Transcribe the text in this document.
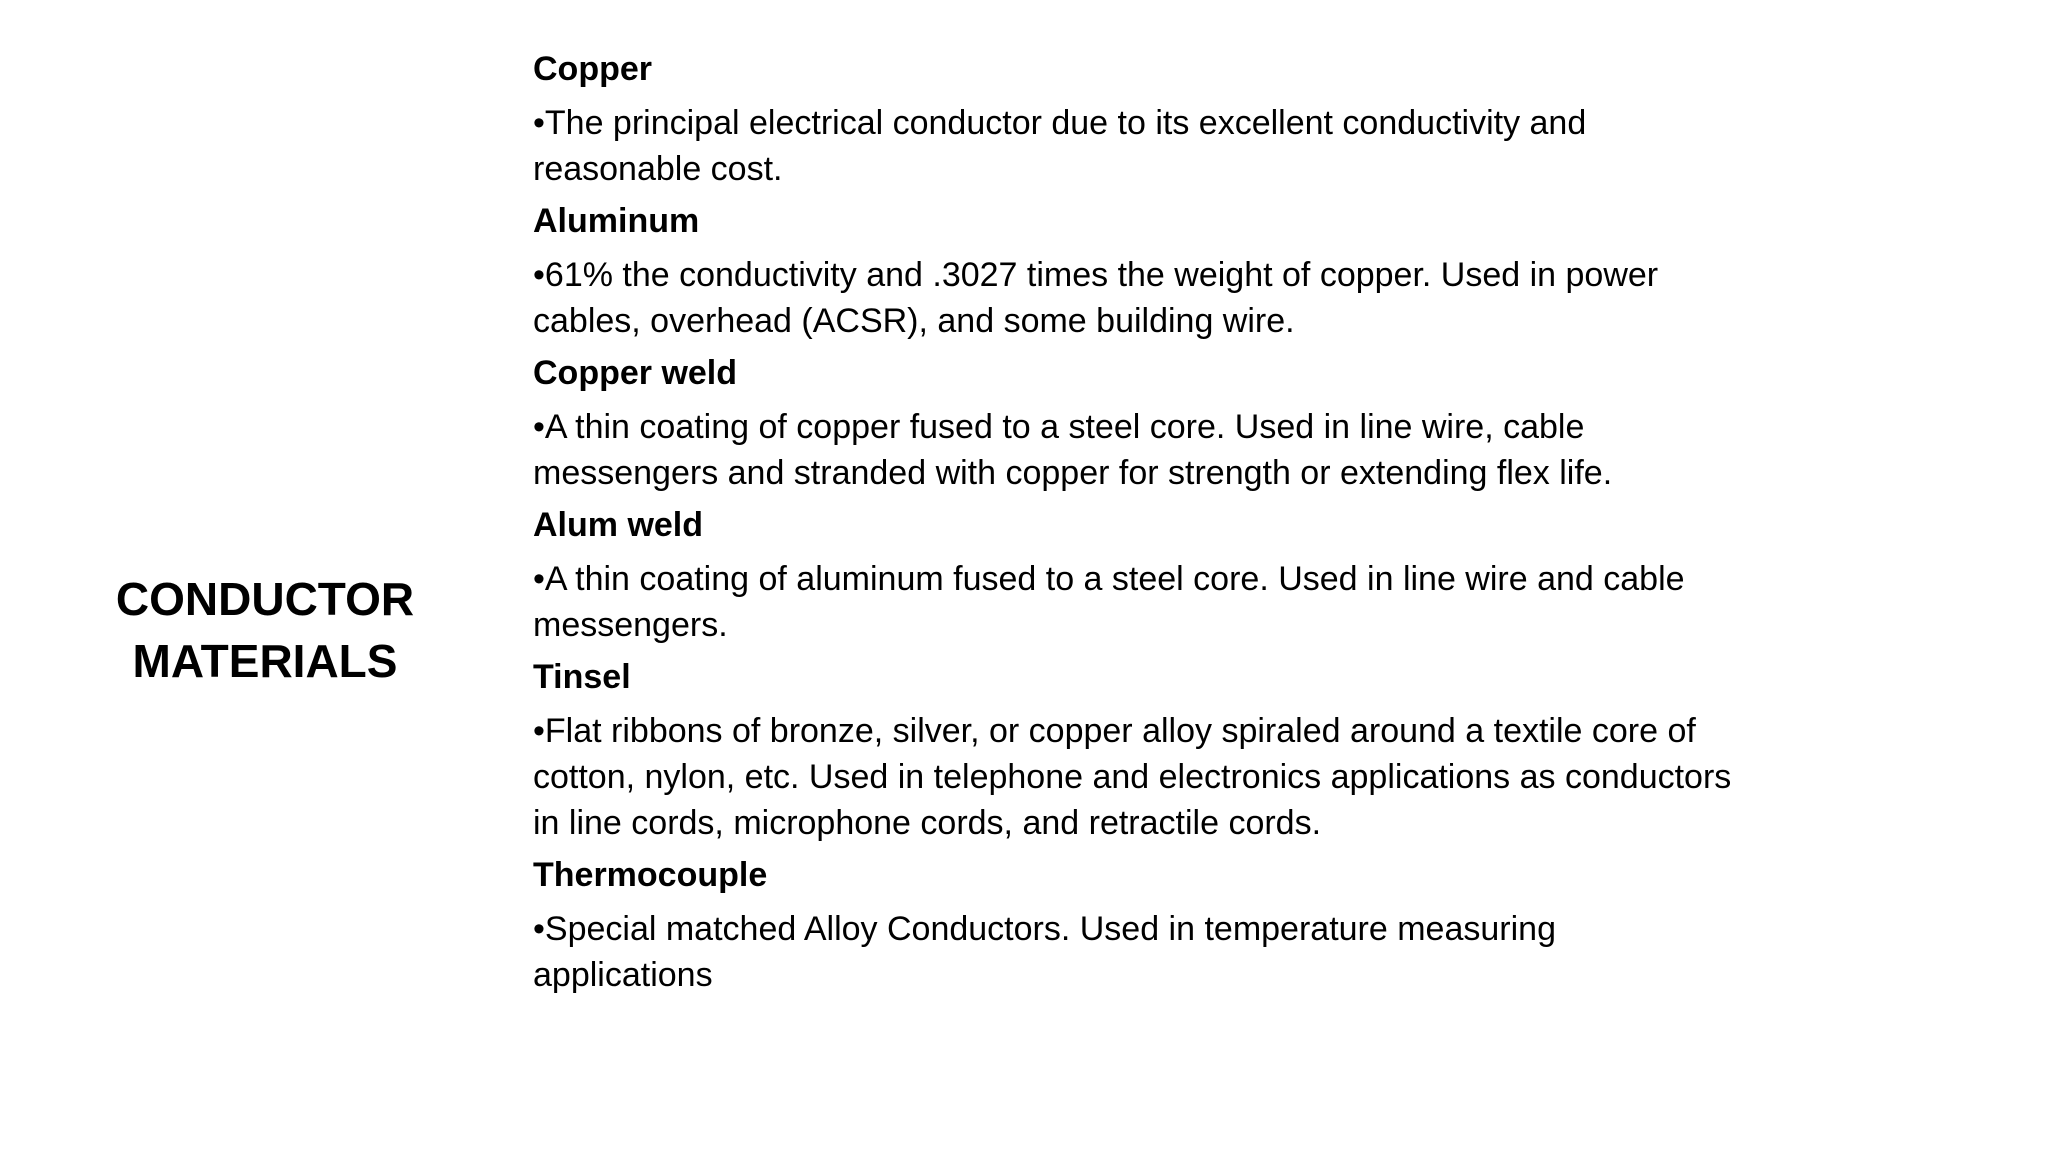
CONDUCTOR
MATERIALS

Copper

•The principal electrical conductor due to its excellent conductivity and
reasonable cost.

Aluminum

•61% the conductivity and .3027 times the weight of copper. Used in power
cables, overhead (ACSR), and some building wire.

Copper weld

•A thin coating of copper fused to a steel core. Used in line wire, cable
messengers and stranded with copper for strength or extending flex life.

Alum weld

•A thin coating of aluminum fused to a steel core. Used in line wire and cable
messengers.

Tinsel

•Flat ribbons of bronze, silver, or copper alloy spiraled around a textile core of
cotton, nylon, etc. Used in telephone and electronics applications as conductors
in line cords, microphone cords, and retractile cords.

Thermocouple

•Special matched Alloy Conductors. Used in temperature measuring
applications
